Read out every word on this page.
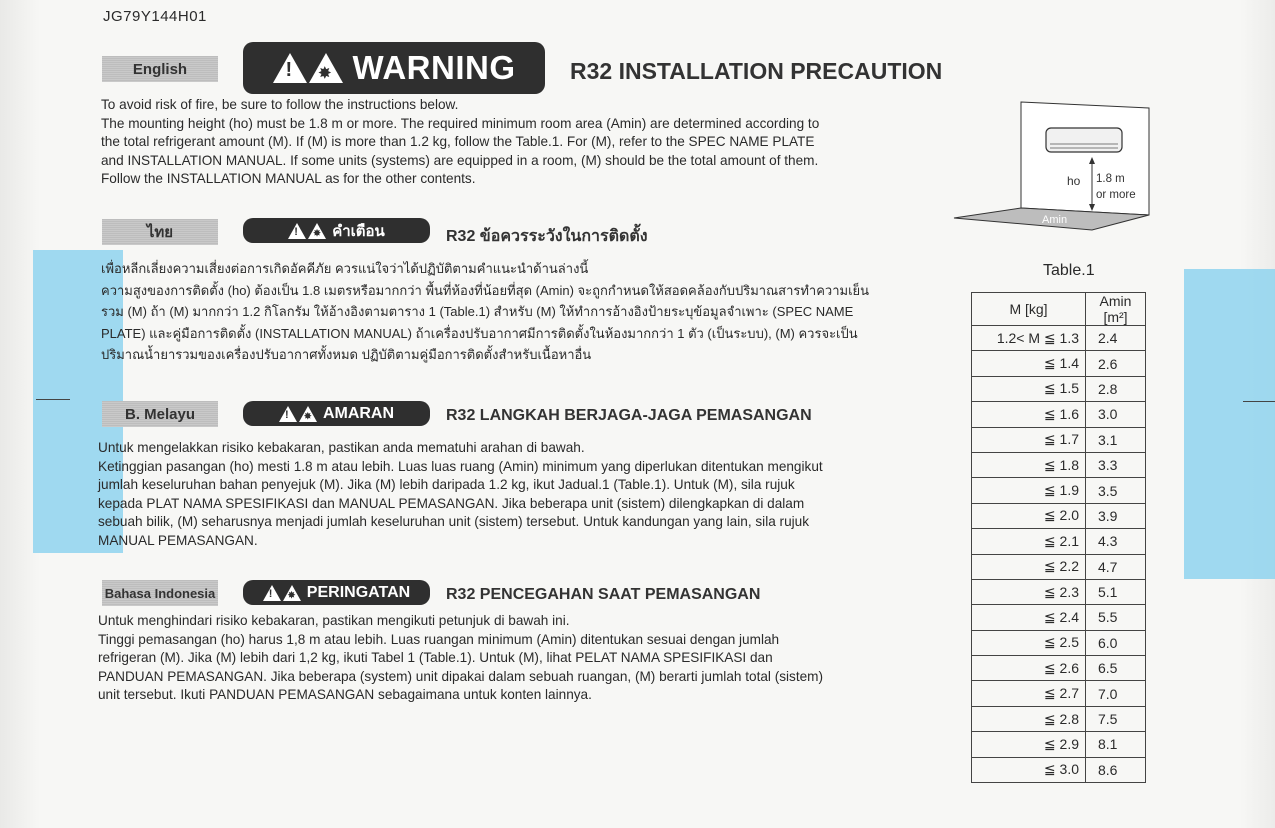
JG79Y144H01
English ! ✸	WARNING R32 INSTALLATION PRECAUTION
To avoid risk of fire, be sure to follow the instructions below.
The mounting height (ho) must be 1.8 m or more. The required minimum room area (Amin) are determined according to
the total refrigerant amount (M). If (M) is more than 1.2 kg, follow the Table.1. For (M), refer to the SPEC NAME PLATE
and INSTALLATION MANUAL. If some units (systems) are equipped in a room, (M) should be the total amount of them.
Follow the INSTALLATION MANUAL as for the other contents.
ไทย ! ✸	คำเตือน	R32 ข้อควรระวังในการติดตั้ง
เพื่อหลีกเลี่ยงความเสี่ยงต่อการเกิดอัคคีภัย ควรแน่ใจว่าได้ปฏิบัติตามคำแนะนำด้านล่างนี้
ความสูงของการติดตั้ง (ho) ต้องเป็น 1.8 เมตรหรือมากกว่า พื้นที่ห้องที่น้อยที่สุด (Amin) จะถูกกำหนดให้สอดคล้องกับปริมาณสารทำความเย็น
รวม (M) ถ้า (M) มากกว่า 1.2 กิโลกรัม ให้อ้างอิงตามตาราง 1 (Table.1) สำหรับ (M) ให้ทำการอ้างอิงป้ายระบุข้อมูลจำเพาะ (SPEC NAME
PLATE) และคู่มือการติดตั้ง (INSTALLATION MANUAL) ถ้าเครื่องปรับอากาศมีการติดตั้งในห้องมากกว่า 1 ตัว (เป็นระบบ), (M) ควรจะเป็น
ปริมาณน้ำยารวมของเครื่องปรับอากาศทั้งหมด ปฏิบัติตามคู่มือการติดตั้งสำหรับเนื้อหาอื่น
B. Melayu ! ✸	AMARAN	R32 LANGKAH BERJAGA-JAGA PEMASANGAN
Untuk mengelakkan risiko kebakaran, pastikan anda mematuhi arahan di bawah.
Ketinggian pasangan (ho) mesti 1.8 m atau lebih. Luas luas ruang (Amin) minimum yang diperlukan ditentukan mengikut
jumlah keseluruhan bahan penyejuk (M). Jika (M) lebih daripada 1.2 kg, ikut Jadual.1 (Table.1). Untuk (M), sila rujuk
kepada PLAT NAMA SPESIFIKASI dan MANUAL PEMASANGAN. Jika beberapa unit (sistem) dilengkapkan di dalam
sebuah bilik, (M) seharusnya menjadi jumlah keseluruhan unit (sistem) tersebut. Untuk kandungan yang lain, sila rujuk
MANUAL PEMASANGAN.
Bahasa Indonesia ! ✸	PERINGATAN R32 PENCEGAHAN SAAT PEMASANGAN
Untuk menghindari risiko kebakaran, pastikan mengikuti petunjuk di bawah ini.
Tinggi pemasangan (ho) harus 1,8 m atau lebih. Luas ruangan minimum (Amin) ditentukan sesuai dengan jumlah
refrigeran (M). Jika (M) lebih dari 1,2 kg, ikuti Tabel 1 (Table.1). Untuk (M), lihat PELAT NAMA SPESIFIKASI dan
PANDUAN PEMASANGAN. Jika beberapa (system) unit dipakai dalam sebuah ruangan, (M) berarti jumlah total (sistem)
unit tersebut. Ikuti PANDUAN PEMASANGAN sebagaimana untuk konten lainnya.
ho 1.8 m
or more
Amin
Table.1
M [kg]	Amin [m²]
1.2< M ≦ 1.3	2.4
≦ 1.4	2.6
≦ 1.5	2.8
≦ 1.6	3.0
≦ 1.7	3.1
≦ 1.8	3.3
≦ 1.9	3.5
≦ 2.0	3.9
≦ 2.1	4.3
≦ 2.2	4.7
≦ 2.3	5.1
≦ 2.4	5.5
≦ 2.5	6.0
≦ 2.6	6.5
≦ 2.7	7.0
≦ 2.8	7.5
≦ 2.9	8.1
≦ 3.0	8.6
